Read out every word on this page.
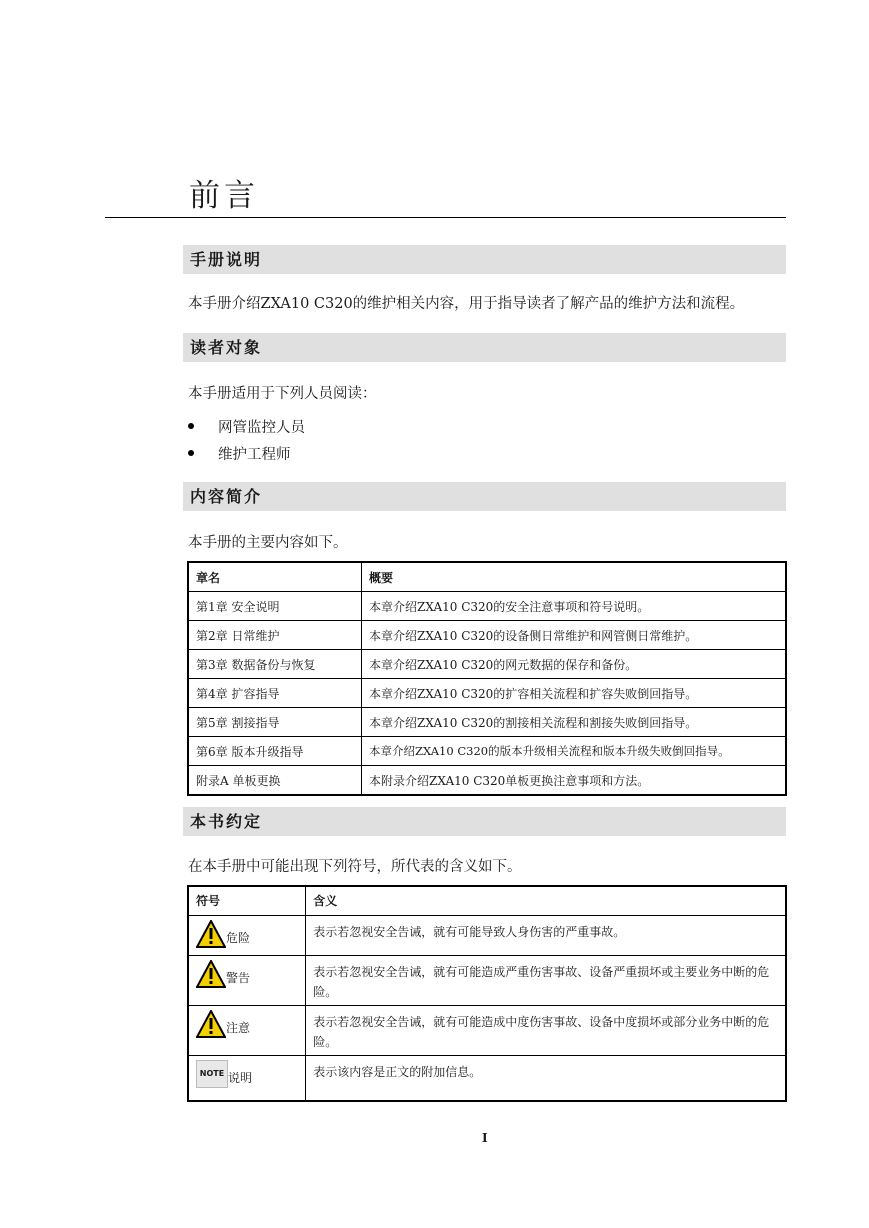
前言
手册说明
本手册介绍ZXA10 C320的维护相关内容，用于指导读者了解产品的维护方法和流程。
读者对象
本手册适用于下列人员阅读：
网管监控人员
维护工程师
内容简介
本手册的主要内容如下。
章名	概要
第1章 安全说明	本章介绍ZXA10 C320的安全注意事项和符号说明。
第2章 日常维护	本章介绍ZXA10 C320的设备侧日常维护和网管侧日常维护。
第3章 数据备份与恢复	本章介绍ZXA10 C320的网元数据的保存和备份。
第4章 扩容指导	本章介绍ZXA10 C320的扩容相关流程和扩容失败倒回指导。
第5章 割接指导	本章介绍ZXA10 C320的割接相关流程和割接失败倒回指导。
第6章 版本升级指导	本章介绍ZXA10 C320的版本升级相关流程和版本升级失败倒回指导。
附录A 单板更换	本附录介绍ZXA10 C320单板更换注意事项和方法。
本书约定
在本手册中可能出现下列符号，所代表的含义如下。
符号	含义

危险	表示若忽视安全告诫，就有可能导致人身伤害的严重事故。

警告	表示若忽视安全告诫，就有可能造成严重伤害事故、设备严重损坏或主要业务中断的危险。

注意	表示若忽视安全告诫，就有可能造成中度伤害事故、设备中度损坏或部分业务中断的危险。

NOTE 说明	表示该内容是正文的附加信息。
I
